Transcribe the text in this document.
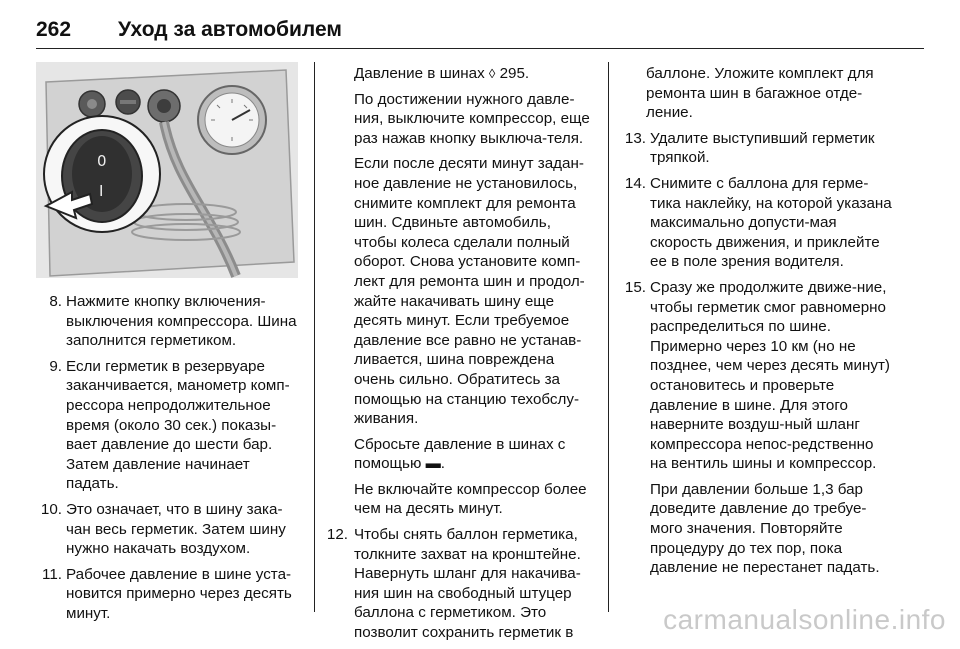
262 Уход за автомобилем
0
I
8. Нажмите кнопку включения-выключения компрессора. Шина заполнится герметиком.
9. Если герметик в резервуаре заканчивается, манометр комп-рессора непродолжительное время (около 30 сек.) показы-вает давление до шести бар. Затем давление начинает падать.
10. Это означает, что в шину зака-чан весь герметик. Затем шину нужно накачать воздухом.
11. Рабочее давление в шине уста-новится примерно через десять минут.

Давление в шинах ◊ 295.

По достижении нужного давле-ния, выключите компрессор, еще раз нажав кнопку выключа-теля.

Если после десяти минут задан-ное давление не установилось, снимите комплект для ремонта шин. Сдвиньте автомобиль, чтобы колеса сделали полный оборот. Снова установите комп-лект для ремонта шин и продол-жайте накачивать шину еще десять минут. Если требуемое давление все равно не устанав-ливается, шина повреждена очень сильно. Обратитесь за помощью на станцию техобслу-живания.

Сбросьте давление в шинах с помощью ▬.

Не включайте компрессор более чем на десять минут.

12. Чтобы снять баллон герметика, толкните захват на кронштейне. Навернуть шланг для накачива-ния шин на свободный штуцер баллона с герметиком. Это позволит сохранить герметик в

баллоне. Уложите комплект для ремонта шин в багажное отде-ление.

13. Удалите выступивший герметик тряпкой.
14. Снимите с баллона для герме-тика наклейку, на которой указана максимально допусти-мая скорость движения, и приклейте ее в поле зрения водителя.
15. Сразу же продолжите движе-ние, чтобы герметик смог равномерно распределиться по шине. Примерно через 10 км (но не позднее, чем через десять минут) остановитесь и проверьте давление в шине. Для этого наверните воздуш-ный шланг компрессора непос-редственно на вентиль шины и компрессор.

При давлении больше 1,3 бар доведите давление до требуе-мого значения. Повторяйте процедуру до тех пор, пока давление не перестанет падать.

carmanualsonline.info
